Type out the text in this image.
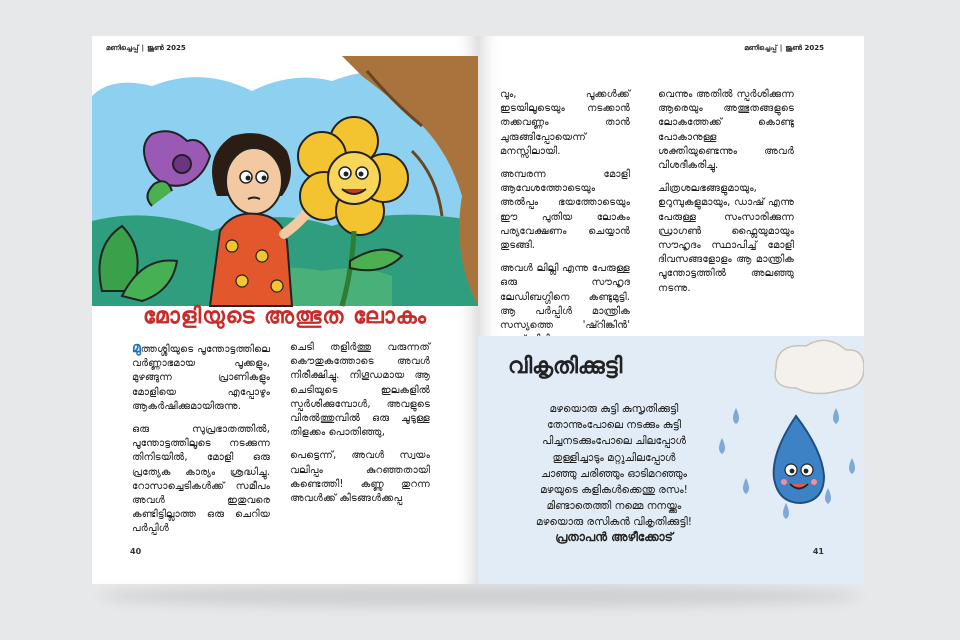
മണിച്ചെപ്പ് | ജൂൺ 2025
മോളിയുടെ അത്ഭുത ലോകം

മുത്തശ്ശിയുടെ പൂന്തോട്ടത്തിലെ വർണ്ണാഭമായ പൂക്കളും, മുഴങ്ങുന്ന പ്രാണികളും മോളിയെ എപ്പോഴും ആകർഷിക്കുമായിരുന്നു.

ഒരു സുപ്രഭാതത്തിൽ, പൂന്തോട്ടത്തിലൂടെ നടക്കുന്ന തിനിടയിൽ, മോളി ഒരു പ്രത്യേക കാര്യം ശ്രദ്ധിച്ചു. റോസാച്ചെടികൾക്ക് സമീപം അവൾ ഇതുവരെ കണ്ടിട്ടില്ലാത്ത ഒരു ചെറിയ പർപ്പിൾ

ചെടി തളിർത്തു വരുന്നത് കൌതുകത്തോടെ അവൾ നിരീക്ഷിച്ചു. നിഗൂഡമായ ആ ചെടിയുടെ ഇലകളിൽ സ്പർശിക്കുമ്പോൾ, അവളുടെ വിരൽത്തുമ്പിൽ ഒരു ചൂടുള്ള തിളക്കം പൊതിഞ്ഞു,

പെട്ടെന്ന്, അവൾ സ്വയം വലിപ്പം കുറഞ്ഞതായി കണ്ടെത്തി! കണ്ണു തുറന്ന അവൾക്ക് കിടങ്ങൾക്കപ്പ

40
മണിച്ചെപ്പ് | ജൂൺ 2025

വും, പൂക്കൾക്ക് ഇടയിലൂടെയും നടക്കാൻ തക്കവണ്ണം താൻ ചുരുങ്ങിപ്പോയെന്ന് മനസ്സിലായി.

അമ്പരന്ന മോളി ആവേശത്തോടെയും അൽപ്പം ഭയത്തോടെയും ഈ പുതിയ ലോകം പര്യവേക്ഷണം ചെയ്യാൻ തുടങ്ങി.

അവൾ ലില്ലി എന്നു പേരുള്ള ഒരു സൗഹൃദ ലേഡിബഗ്ഗിനെ കണ്ടുമുട്ടി. ആ പർപ്പിൾ മാന്ത്രിക സസ്യത്തെ 'ഷ്റിങ്കിൻ'

വെന്നും അതിൽ സ്പർശിക്കുന്ന ആരെയും അത്ഭുതങ്ങളുടെ ലോകത്തേക്ക് കൊണ്ടു പോകാനുള്ള ശക്തിയുണ്ടെന്നും അവർ വിശദീകരിച്ചു.

ചിത്രശലഭങ്ങളുമായും, ഉറുമ്പുകളുമായും, ഡാഷ് എന്നു പേരുള്ള സംസാരിക്കുന്ന ഡ്രാഗൺ ഫ്ലൈയുമായും സൗഹൃദം സ്ഥാപിച്ച് മോളി ദിവസങ്ങളോളം ആ മാന്ത്രിക പൂന്തോട്ടത്തിൽ അലഞ്ഞു നടന്നു.

വികൃതിക്കുട്ടി
മഴയൊരു കുട്ടി കുസൃതിക്കുട്ടി
തോന്നുംപോലെ നടക്കും കുട്ടി
പിച്ചനടക്കും‌പോലെ ചിലപ്പോൾ
തുള്ളിച്ചാടും മറ്റുചിലപ്പോൾ
ചാഞ്ഞു ചരിഞ്ഞും ഓടിമറഞ്ഞും
മഴയുടെ കളികൾക്കെന്തു രസം!
മിണ്ടാതെത്തി നമ്മെ നനയ്ക്കും
മഴയൊരു രസികൻ വികൃതിക്കുട്ടി!
പ്രതാപൻ അഴീക്കോട്
41
